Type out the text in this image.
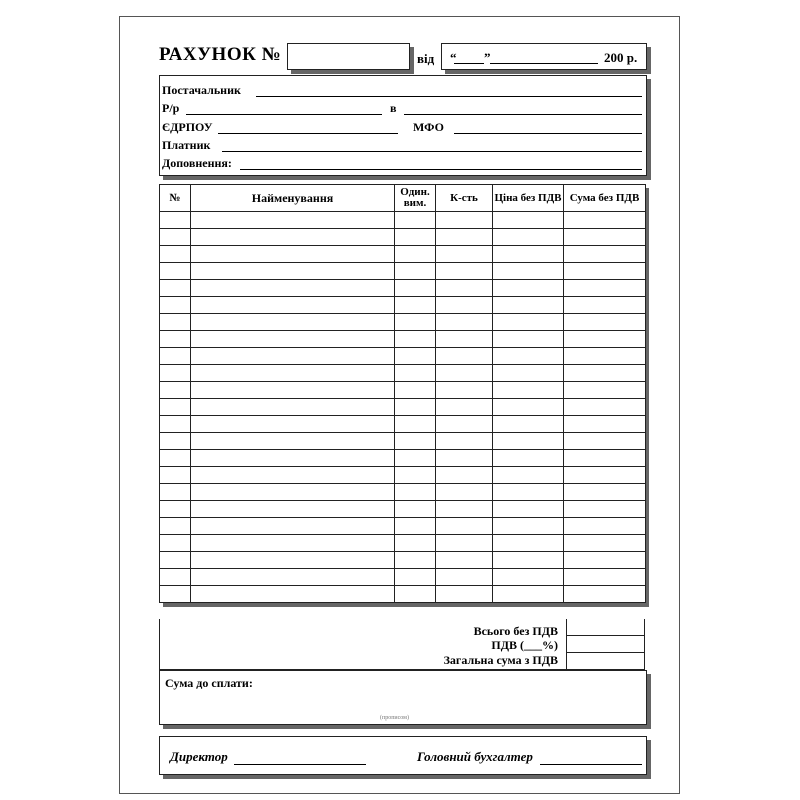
РАХУНОК №	від “ ”	200 р.
Постачальник
Р/р	в
ЄДРПОУ	МФО
Платник
Доповнення:
№	Найменування	Один. вим.	К-сть	Ціна без ПДВ	Сума без ПДВ

Всього без ПДВ
ПДВ (___%)
Загальна сума з ПДВ
Сума до сплати:
(прописом)
Директор	Головний бухгалтер
